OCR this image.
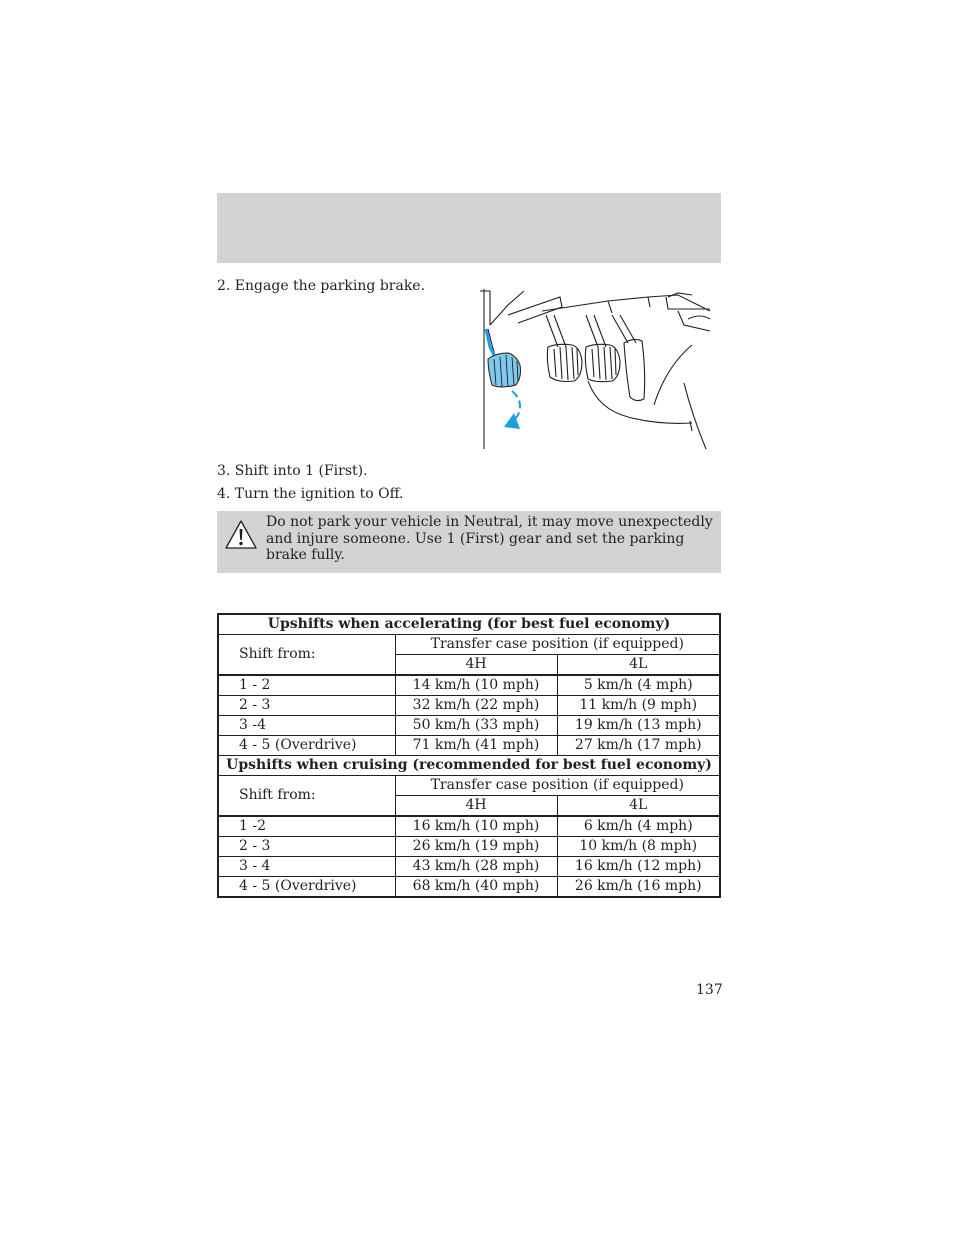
2. Engage the parking brake.
3. Shift into 1 (First).
4. Turn the ignition to Off.
Do not park your vehicle in Neutral, it may move unexpectedly and injure someone. Use 1 (First) gear and set the parking brake fully.
Upshifts when accelerating (for best fuel economy)		
Shift from:	Transfer case position (if equipped)	
	4H	4L
1 - 2	14 km/h (10 mph)	5 km/h (4 mph)
2 - 3	32 km/h (22 mph)	11 km/h (9 mph)
3 -4	50 km/h (33 mph)	19 km/h (13 mph)
4 - 5 (Overdrive)	71 km/h (41 mph)	27 km/h (17 mph)
Upshifts when cruising (recommended for best fuel economy)		
Shift from:	Transfer case position (if equipped)	
	4H	4L
1 -2	16 km/h (10 mph)	6 km/h (4 mph)
2 - 3	26 km/h (19 mph)	10 km/h (8 mph)
3 - 4	43 km/h (28 mph)	16 km/h (12 mph)
4 - 5 (Overdrive)	68 km/h (40 mph)	26 km/h (16 mph)
137
